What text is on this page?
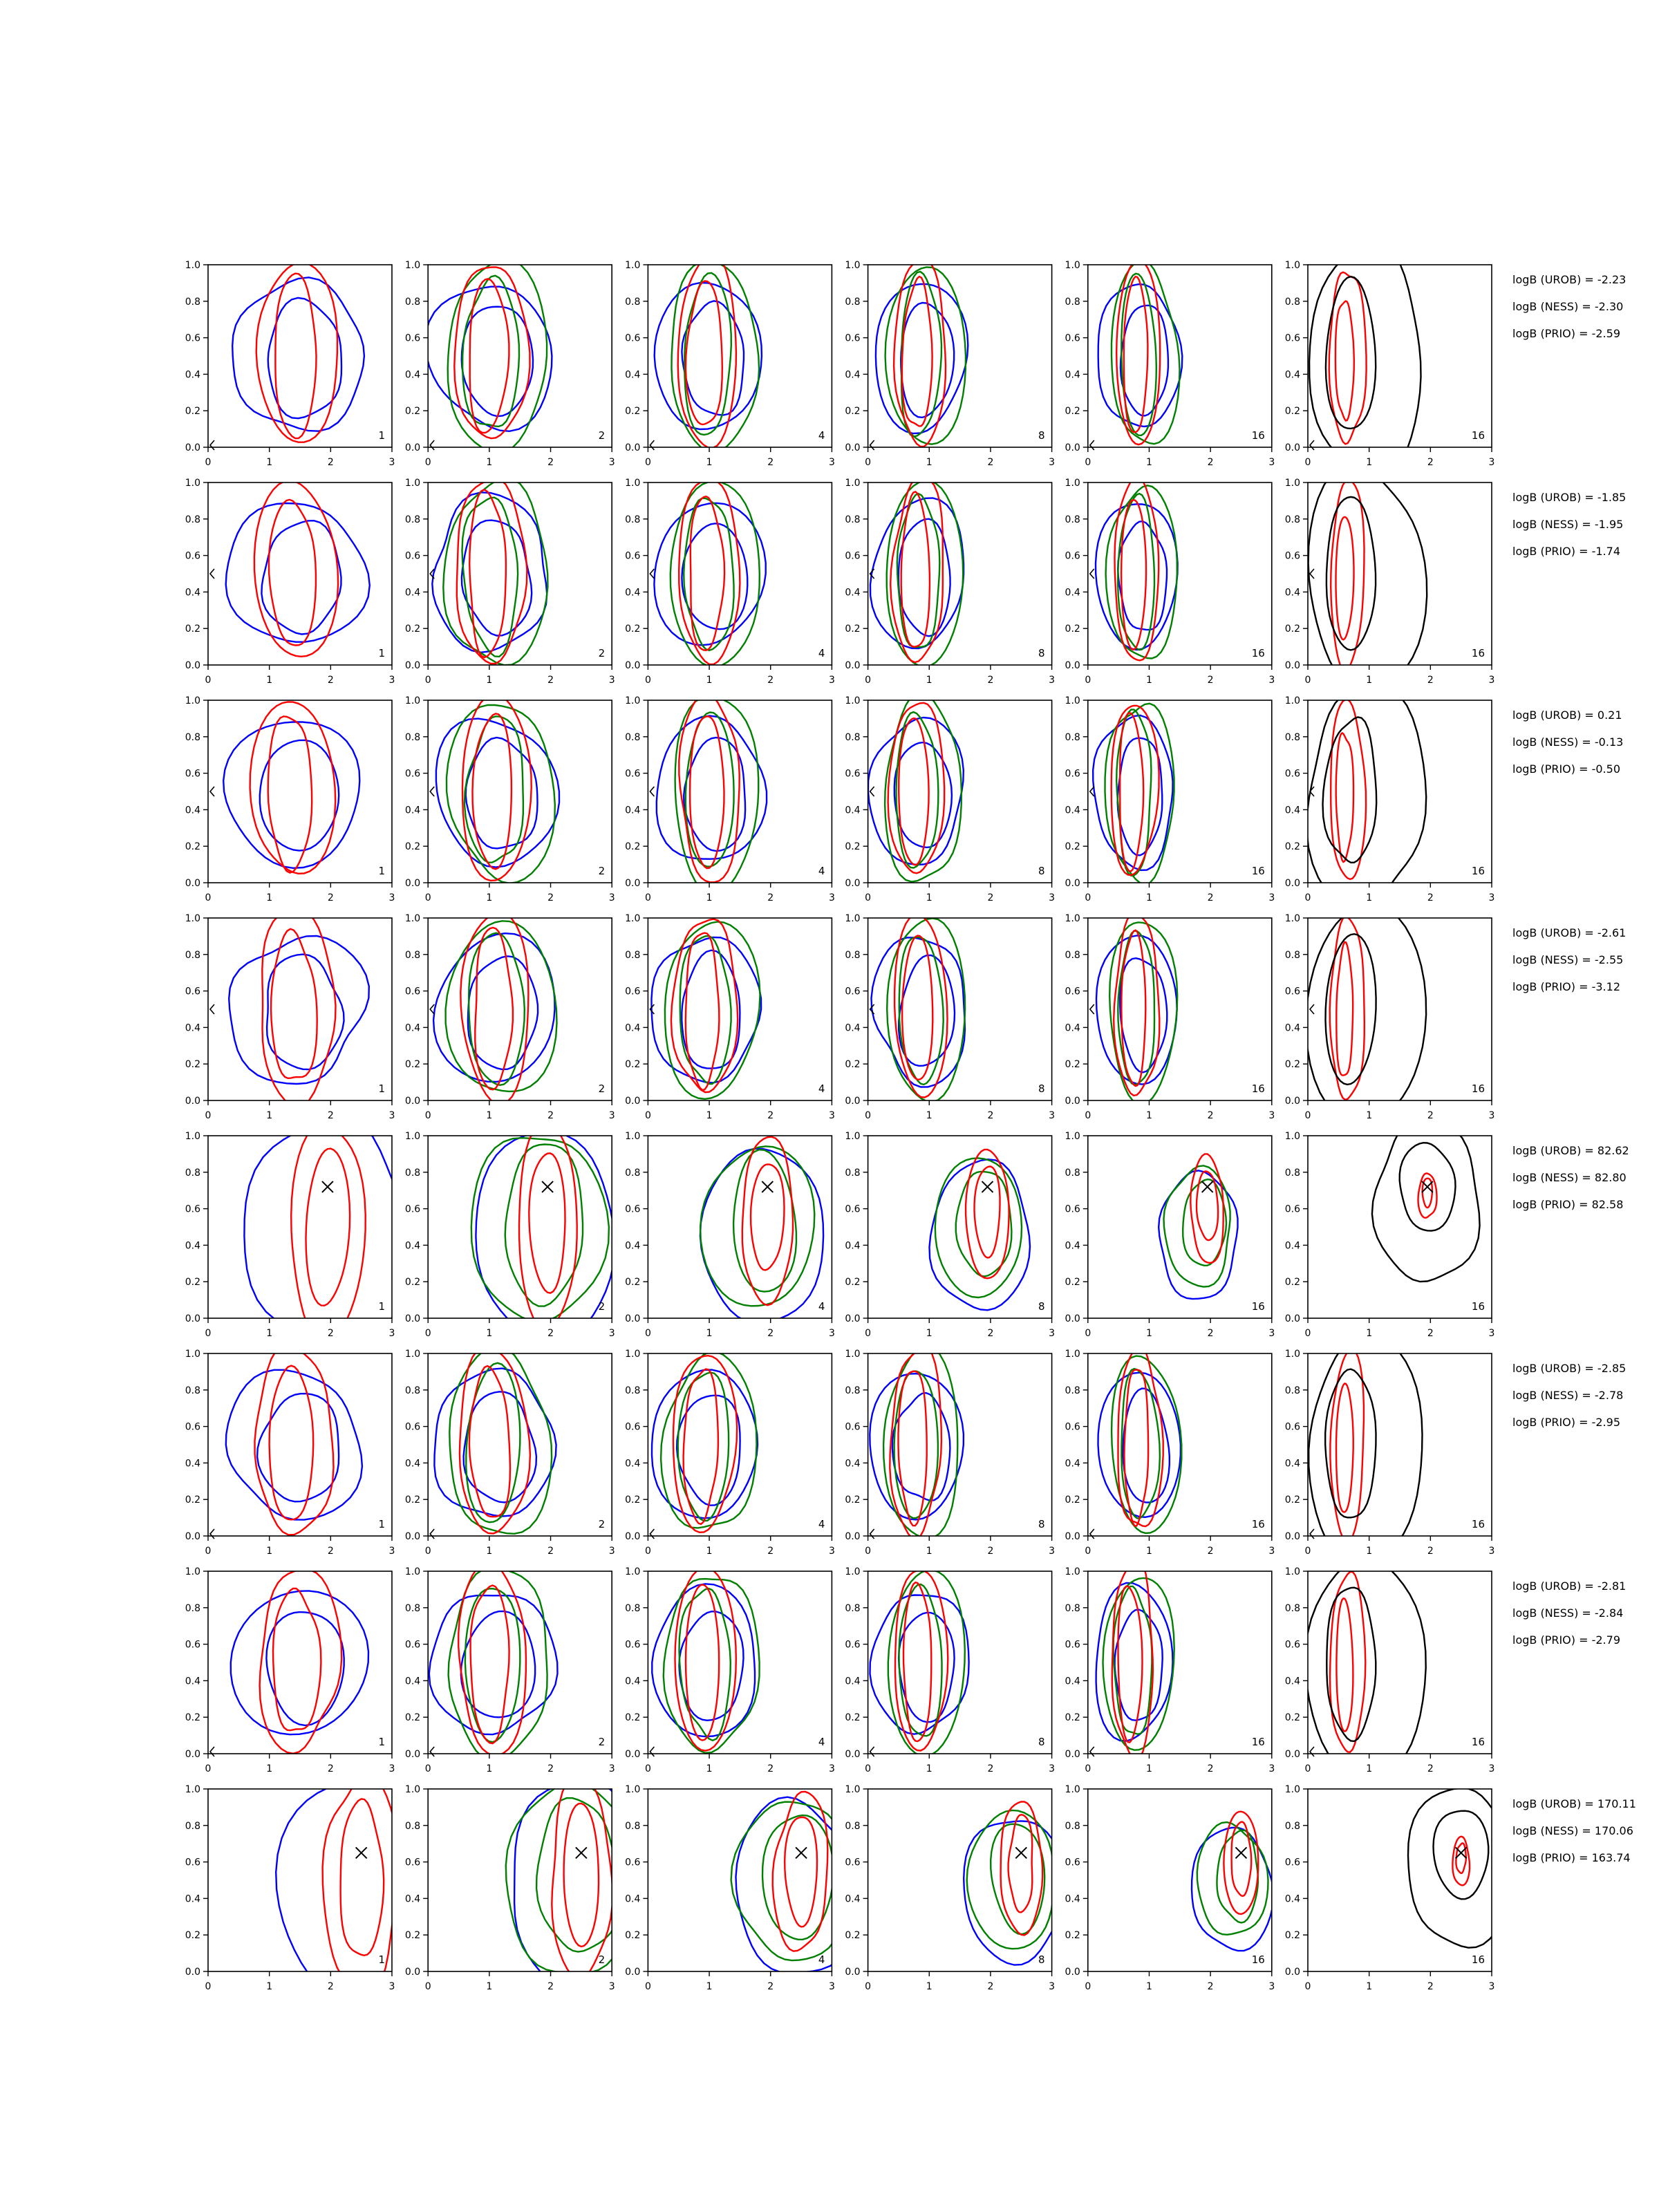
0	1	2	3
0.0
0.2
0.4
0.6
0.8
1.0
1
0	1	2	3
0.0
0.2
0.4
0.6
0.8
1.0
2
0	1	2	3
0.0
0.2
0.4
0.6
0.8
1.0
4
0	1	2	3
0.0
0.2
0.4
0.6
0.8
1.0
8
0	1	2	3
0.0
0.2
0.4
0.6
0.8
1.0
16
0	1	2	3
0.0
0.2
0.4
0.6
0.8
1.0
16
logB (UROB) = -2.23
logB (NESS) = -2.30
logB (PRIO) = -2.59
0	1	2	3
0.0
0.2
0.4
0.6
0.8
1.0
1
0	1	2	3
0.0
0.2
0.4
0.6
0.8
1.0
2
0	1	2	3
0.0
0.2
0.4
0.6
0.8
1.0
4
0	1	2	3
0.0
0.2
0.4
0.6
0.8
1.0
8
0	1	2	3
0.0
0.2
0.4
0.6
0.8
1.0
16
0	1	2	3
0.0
0.2
0.4
0.6
0.8
1.0
16
logB (UROB) = -1.85
logB (NESS) = -1.95
logB (PRIO) = -1.74
0	1	2	3
0.0
0.2
0.4
0.6
0.8
1.0
1
0	1	2	3
0.0
0.2
0.4
0.6
0.8
1.0
2
0	1	2	3
0.0
0.2
0.4
0.6
0.8
1.0
4
0	1	2	3
0.0
0.2
0.4
0.6
0.8
1.0
8
0	1	2	3
0.0
0.2
0.4
0.6
0.8
1.0
16
0	1	2	3
0.0
0.2
0.4
0.6
0.8
1.0
16
logB (UROB) = 0.21
logB (NESS) = -0.13
logB (PRIO) = -0.50
0	1	2	3
0.0
0.2
0.4
0.6
0.8
1.0
1
0	1	2	3
0.0
0.2
0.4
0.6
0.8
1.0
2
0	1	2	3
0.0
0.2
0.4
0.6
0.8
1.0
4
0	1	2	3
0.0
0.2
0.4
0.6
0.8
1.0
8
0	1	2	3
0.0
0.2
0.4
0.6
0.8
1.0
16
0	1	2	3
0.0
0.2
0.4
0.6
0.8
1.0
16
logB (UROB) = -2.61
logB (NESS) = -2.55
logB (PRIO) = -3.12
0	1	2	3
0.0
0.2
0.4
0.6
0.8
1.0
1
0	1	2	3
0.0
0.2
0.4
0.6
0.8
1.0
2
0	1	2	3
0.0
0.2
0.4
0.6
0.8
1.0
4
0	1	2	3
0.0
0.2
0.4
0.6
0.8
1.0
8
0	1	2	3
0.0
0.2
0.4
0.6
0.8
1.0
16
0	1	2	3
0.0
0.2
0.4
0.6
0.8
1.0
16
logB (UROB) = 82.62
logB (NESS) = 82.80
logB (PRIO) = 82.58
0	1	2	3
0.0
0.2
0.4
0.6
0.8
1.0
1
0	1	2	3
0.0
0.2
0.4
0.6
0.8
1.0
2
0	1	2	3
0.0
0.2
0.4
0.6
0.8
1.0
4
0	1	2	3
0.0
0.2
0.4
0.6
0.8
1.0
8
0	1	2	3
0.0
0.2
0.4
0.6
0.8
1.0
16
0	1	2	3
0.0
0.2
0.4
0.6
0.8
1.0
16
logB (UROB) = -2.85
logB (NESS) = -2.78
logB (PRIO) = -2.95
0	1	2	3
0.0
0.2
0.4
0.6
0.8
1.0
1
0	1	2	3
0.0
0.2
0.4
0.6
0.8
1.0
2
0	1	2	3
0.0
0.2
0.4
0.6
0.8
1.0
4
0	1	2	3
0.0
0.2
0.4
0.6
0.8
1.0
8
0	1	2	3
0.0
0.2
0.4
0.6
0.8
1.0
16
0	1	2	3
0.0
0.2
0.4
0.6
0.8
1.0
16
logB (UROB) = -2.81
logB (NESS) = -2.84
logB (PRIO) = -2.79
0	1	2	3
0.0
0.2
0.4
0.6
0.8
1.0
1
0	1	2	3
0.0
0.2
0.4
0.6
0.8
1.0
2
0	1	2	3
0.0
0.2
0.4
0.6
0.8
1.0
4
0	1	2	3
0.0
0.2
0.4
0.6
0.8
1.0
8
0	1	2	3
0.0
0.2
0.4
0.6
0.8
1.0
16
0	1	2	3
0.0
0.2
0.4
0.6
0.8
1.0
16
logB (UROB) = 170.11
logB (NESS) = 170.06
logB (PRIO) = 163.74
